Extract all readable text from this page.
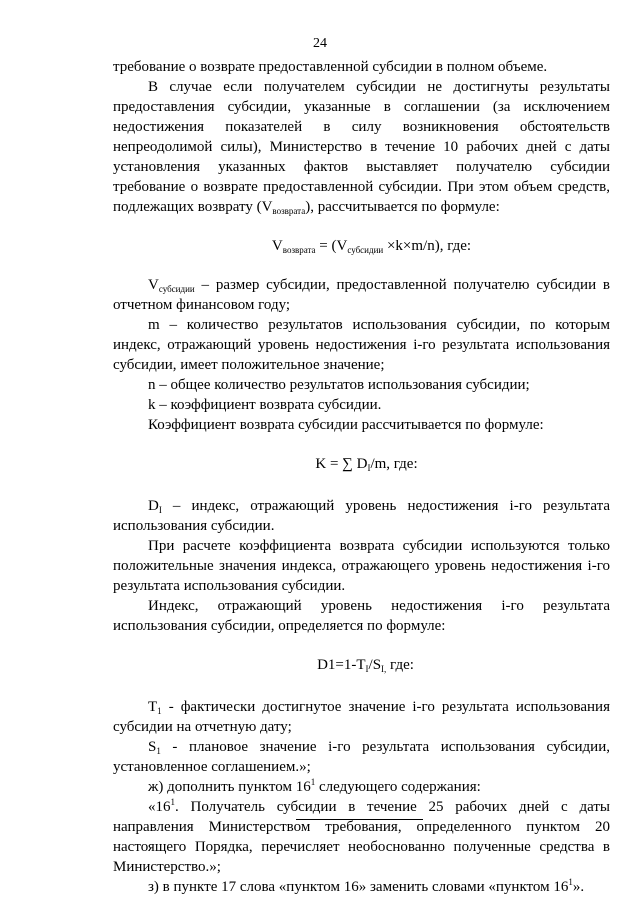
24

требование о возврате предоставленной субсидии в полном объеме.

В случае если получателем субсидии не достигнуты результаты предоставления субсидии, указанные в соглашении (за исключением недостижения показателей в силу возникновения обстоятельств непреодолимой силы), Министерство в течение 10 рабочих дней с даты установления указанных фактов выставляет получателю субсидии требование о возврате предоставленной субсидии. При этом объем средств, подлежащих возврату $(V_{возврата})$, рассчитывается по формуле:

$V_{возврата} = (V_{субсидии} \times k\times m/n)$, где:

$V_{субсидии}$ – размер субсидии, предоставленной получателю субсидии в отчетном финансовом году;

m – количество результатов использования субсидии, по которым индекс, отражающий уровень недостижения i-го результата использования субсидии, имеет положительное значение;

n – общее количество результатов использования субсидии;

k – коэффициент возврата субсидии.

Коэффициент возврата субсидии рассчитывается по формуле:

K = ∑ $D_I/m$, где:

$D_I$ – индекс, отражающий уровень недостижения i-го результата использования субсидии.

При расчете коэффициента возврата субсидии используются только положительные значения индекса, отражающего уровень недостижения i-го результата использования субсидии.

Индекс, отражающий уровень недостижения i-го результата использования субсидии, определяется по формуле:

$D1=1-T_I/S_{I,}$ где:

$T_1$ - фактически достигнутое значение i-го результата использования субсидии на отчетную дату;

$S_1$ - плановое значение i-го результата использования субсидии, установленное соглашением.»;

ж) дополнить пунктом $16^1$ следующего содержания:

«$16^1$. Получатель субсидии в течение 25 рабочих дней с даты направления Министерством требования, определенного пунктом 20 настоящего Порядка, перечисляет необоснованно полученные средства в Министерство.»;

з) в пункте 17 слова «пунктом 16» заменить словами «пунктом $16^1$».
